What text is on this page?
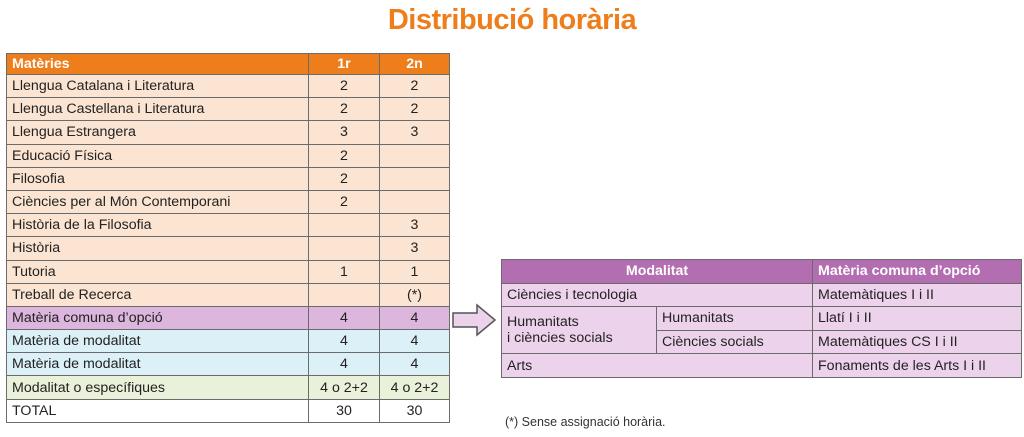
Distribució horària
Matèries	1r	2n
Llengua Catalana i Literatura	2	2
Llengua Castellana i Literatura	2	2
Llengua Estrangera	3	3
Educació Física	2	
Filosofia	2	
Ciències per al Món Contemporani	2	
Història de la Filosofia		3
Història		3
Tutoria	1	1
Treball de Recerca		(*)
Matèria comuna d’opció	4	4
Matèria de modalitat	4	4
Matèria de modalitat	4	4
Modalitat o específiques	4 o 2+2	4 o 2+2
TOTAL	30	30
Modalitat		Matèria comuna d’opció
Ciències i tecnologia		Matemàtiques I i II
Humanitats
i ciències socials	Humanitats	Llatí I i II
	Ciències socials	Matemàtiques CS I i II
Arts		Fonaments de les Arts I i II
(*) Sense assignació horària.
